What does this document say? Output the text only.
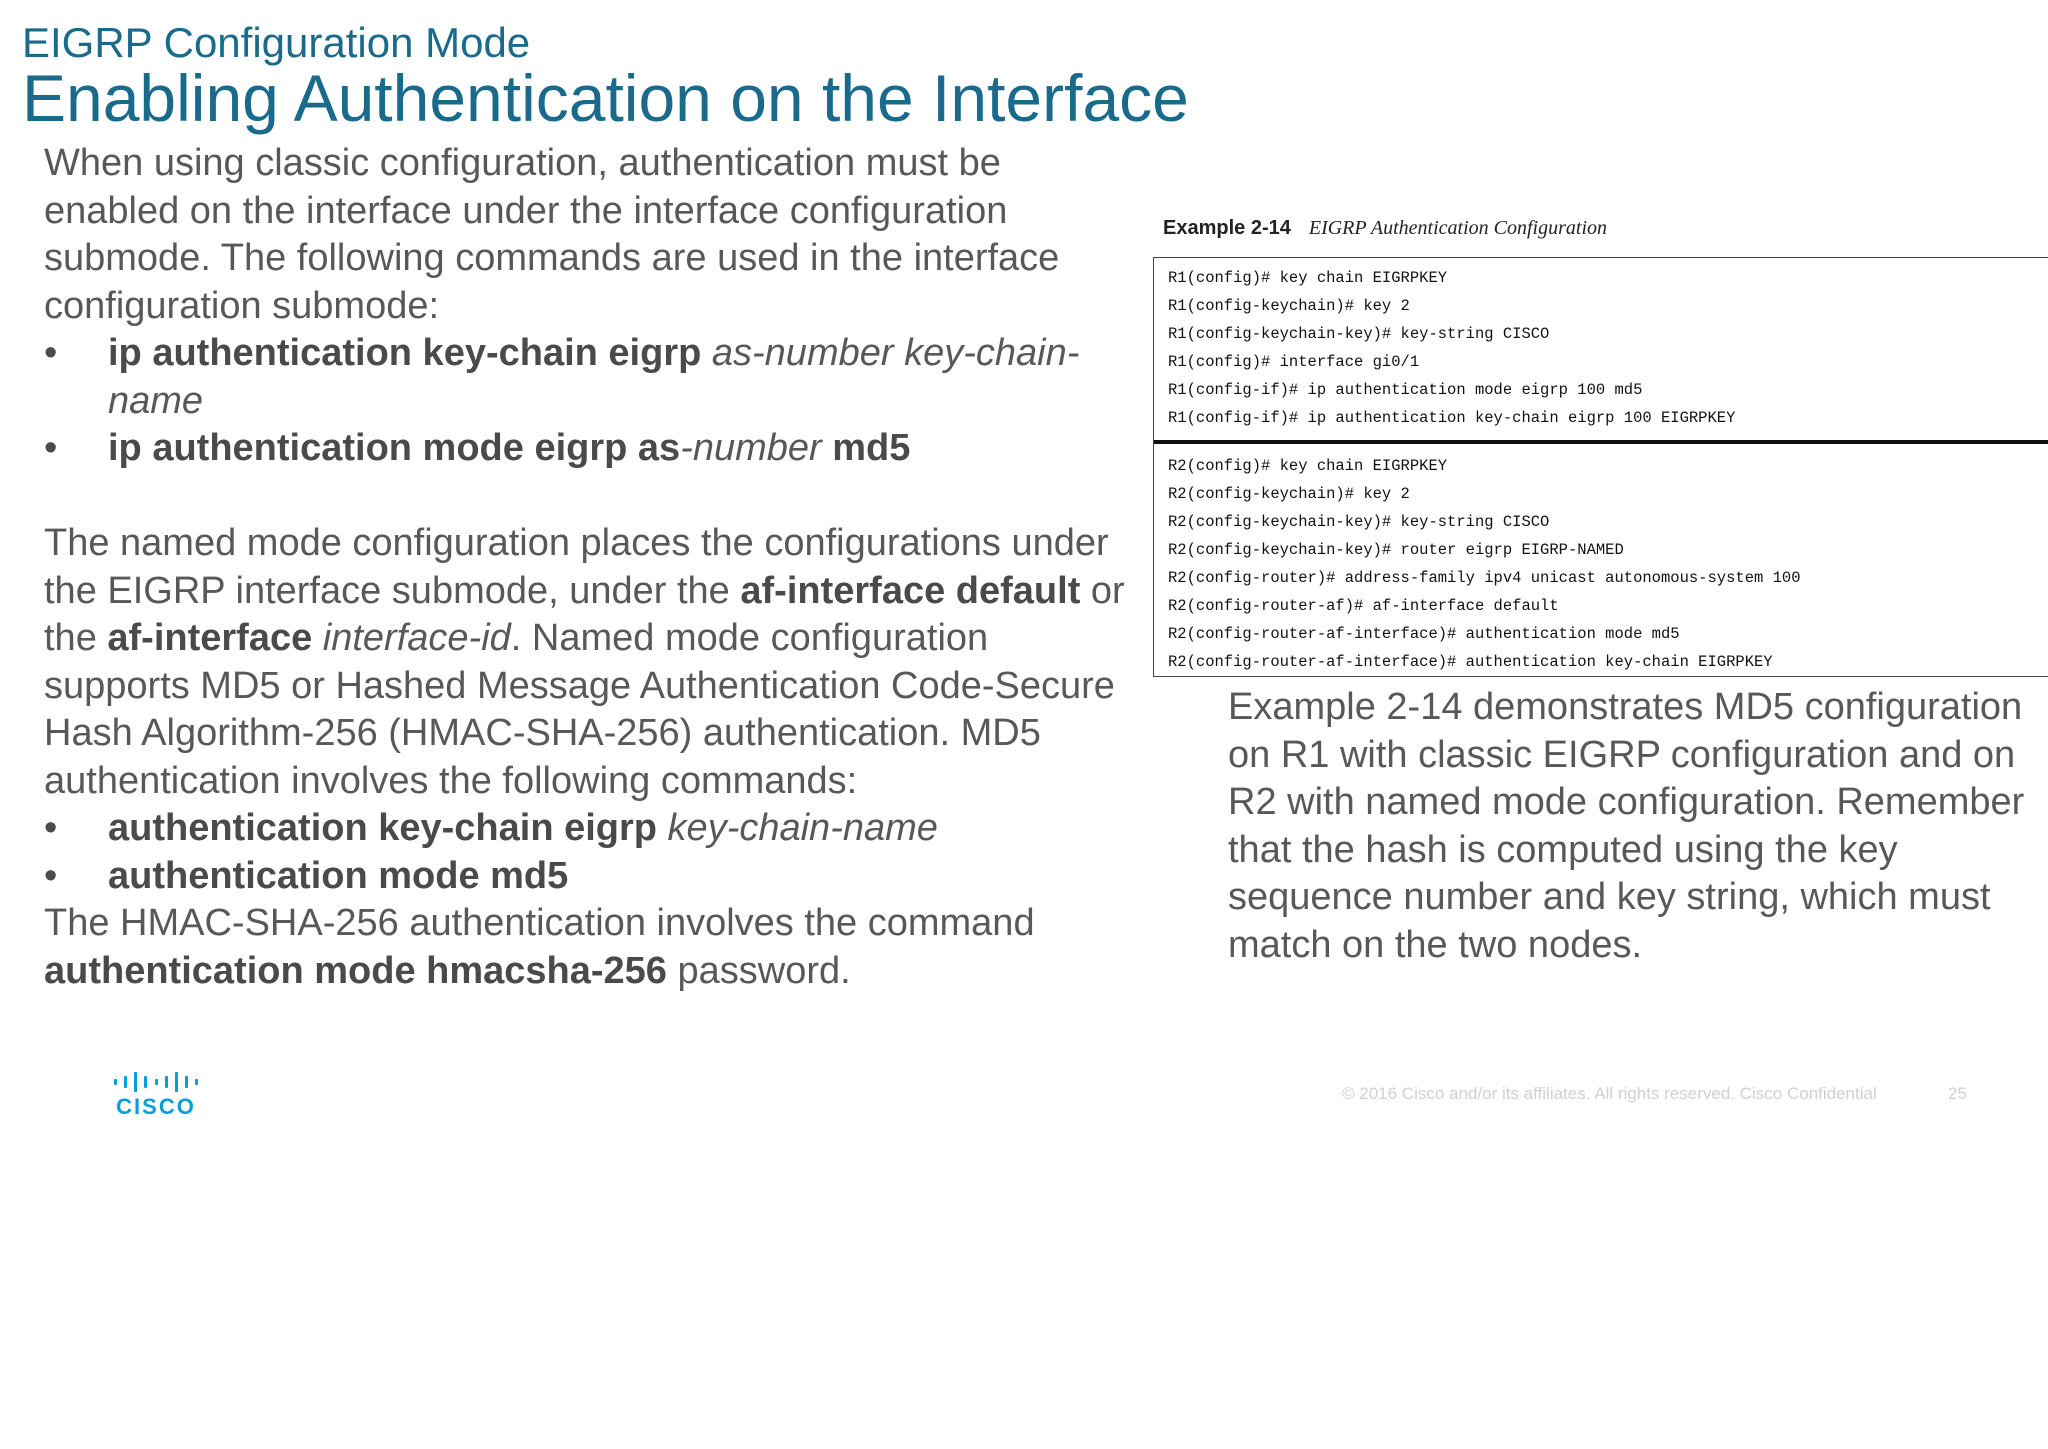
EIGRP Configuration Mode
Enabling Authentication on the Interface

When using classic configuration, authentication must be enabled on the interface under the interface configuration submode. The following commands are used in the interface configuration submode:

• ip authentication key-chain eigrp as-number key-chain-name
• ip authentication mode eigrp as-number md5

The named mode configuration places the configurations under the EIGRP interface submode, under the af-interface default or the af-interface interface-id. Named mode configuration supports MD5 or Hashed Message Authentication Code-Secure Hash Algorithm-256 (HMAC-SHA-256) authentication. MD5 authentication involves the following commands:

• authentication key-chain eigrp key-chain-name
• authentication mode md5

The HMAC-SHA-256 authentication involves the command authentication mode hmacsha-256 password.

Example 2-14 EIGRP Authentication Configuration
R1(config)# key chain EIGRPKEY
R1(config-keychain)# key 2
R1(config-keychain-key)# key-string CISCO
R1(config)# interface gi0/1
R1(config-if)# ip authentication mode eigrp 100 md5
R1(config-if)# ip authentication key-chain eigrp 100 EIGRPKEY
R2(config)# key chain EIGRPKEY
R2(config-keychain)# key 2
R2(config-keychain-key)# key-string CISCO
R2(config-keychain-key)# router eigrp EIGRP-NAMED
R2(config-router)# address-family ipv4 unicast autonomous-system 100
R2(config-router-af)# af-interface default
R2(config-router-af-interface)# authentication mode md5
R2(config-router-af-interface)# authentication key-chain EIGRPKEY

Example 2-14 demonstrates MD5 configuration on R1 with classic EIGRP configuration and on R2 with named mode configuration. Remember that the hash is computed using the key sequence number and key string, which must match on the two nodes.

CISCO
© 2016 Cisco and/or its affiliates. All rights reserved. Cisco Confidential	25
